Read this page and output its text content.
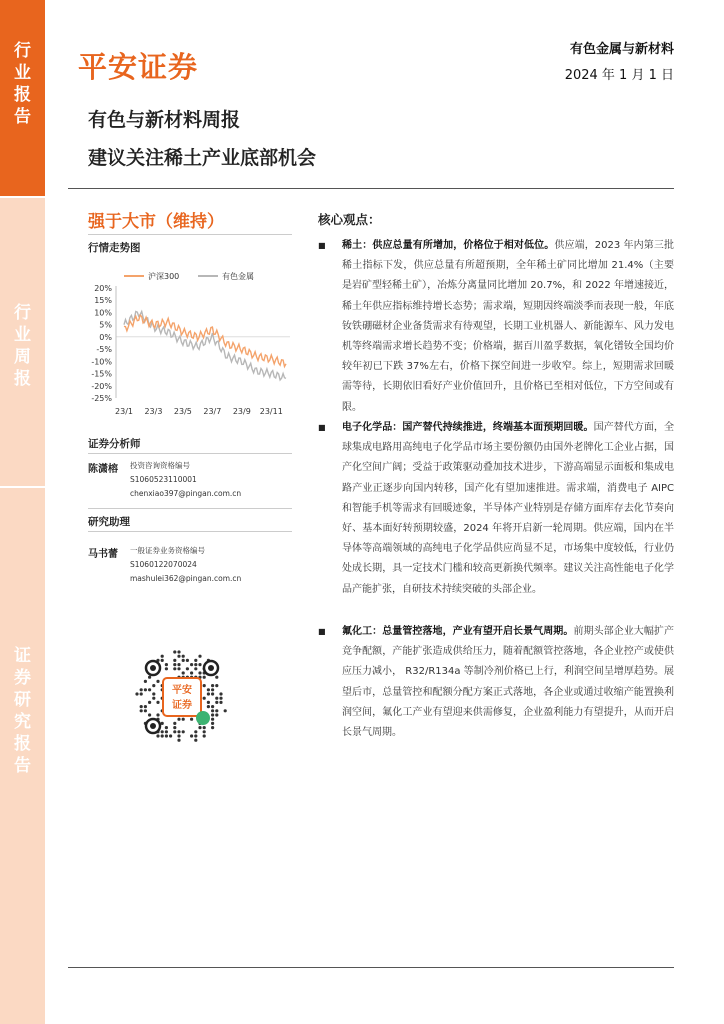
行
业
报
告
行
业
周
报
证
券
研
究
报
告
平安证券
有色金属与新材料
2024 年 1 月 1 日
有色与新材料周报
建议关注稀土产业底部机会
强于大市（维持）
行情走势图
沪深300	有色金属
20%
15%
10%
5%
0%
-5%
-10%
-15%
-20%
-25%
23/1 23/3 23/5 23/7 23/9 23/11
证券分析师
陈潇榕 投资咨询资格编号
S1060523110001
chenxiao397@pingan.com.cn
研究助理
马书蕾 一般证券业务资格编号
S1060122070024
mashulei362@pingan.com.cn
平安
证券
核心观点：
■	稀土：供应总量有所增加，价格位于相对低位。供应端，2023 年内第三批稀土指标下发，供应总量有所超预期，全年稀土矿同比增加 21.4%（主要是岩矿型轻稀土矿），冶炼分离量同比增加 20.7%，和 2022 年增速接近，稀土年供应指标维持增长态势；需求端，短期因终端淡季而表现一般，年底钕铁硼磁材企业备货需求有待观望，长期工业机器人、新能源车、风力发电机等终端需求增长趋势不变；价格端，据百川盈孚数据，氧化镨钕全国均价较年初已下跌 37%左右，价格下探空间进一步收窄。综上，短期需求回暖需等待，长期依旧看好产业价值回升，且价格已至相对低位，下方空间或有限。
■	电子化学品：国产替代持续推进，终端基本面预期回暖。国产替代方面，全球集成电路用高纯电子化学品市场主要份额仍由国外老牌化工企业占据，国产化空间广阔；受益于政策驱动叠加技术进步，下游高端显示面板和集成电路产业正逐步向国内转移，国产化有望加速推进。需求端，消费电子 AIPC 和智能手机等需求有回暖迹象，半导体产业特别是存储方面库存去化节奏向好、基本面好转预期较盛，2024 年将开启新一轮周期。供应端，国内在半导体等高端领域的高纯电子化学品供应尚显不足，市场集中度较低，行业仍处成长期，具一定技术门槛和较高更新换代频率。建议关注高性能电子化学品产能扩张，自研技术持续突破的头部企业。
■	氟化工：总量管控落地，产业有望开启长景气周期。前期头部企业大幅扩产竞争配额，产能扩张造成供给压力，随着配额管控落地，各企业控产或使供应压力减小， R32/R134a 等制冷剂价格已上行，利润空间呈增厚趋势。展望后市，总量管控和配额分配方案正式落地，各企业或通过收缩产能置换利润空间，氟化工产业有望迎来供需修复，企业盈利能力有望提升，从而开启长景气周期。
